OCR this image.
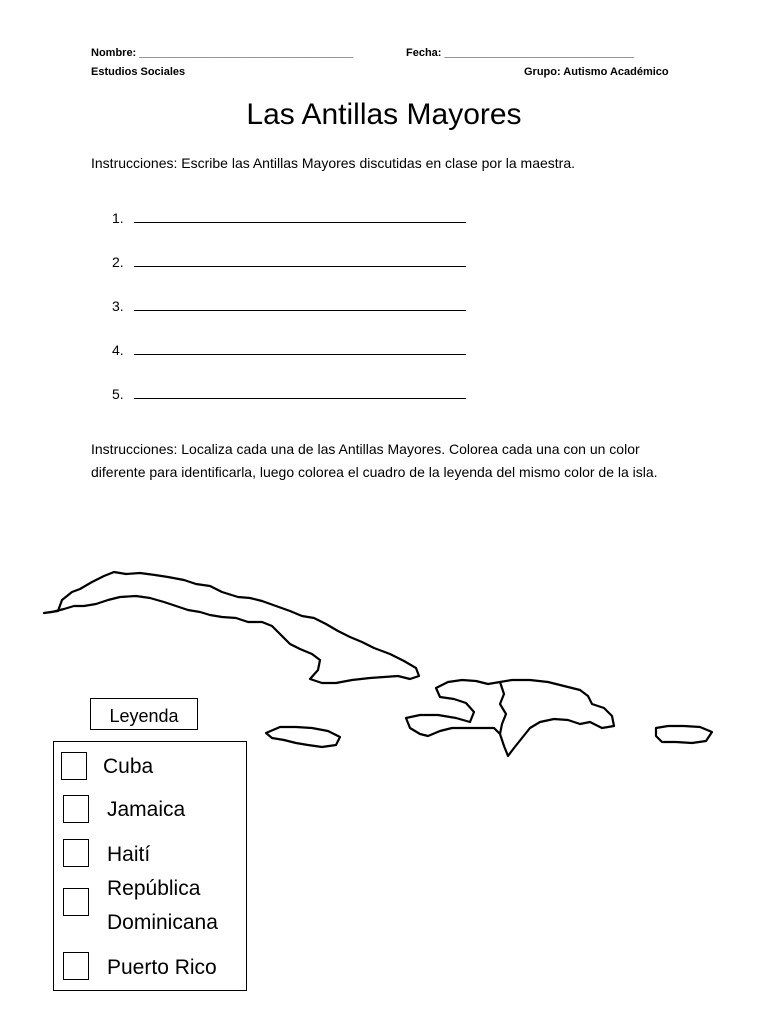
Nombre: ___________________________________	Fecha: _______________________________
Estudios Sociales	Grupo: Autismo Académico
Las Antillas Mayores
Instrucciones: Escribe las Antillas Mayores discutidas en clase por la maestra.
1.
2.
3.
4.
5.
Instrucciones: Localiza cada una de las Antillas Mayores. Colorea cada una con un color diferente para identificarla, luego colorea el cuadro de la leyenda del mismo color de la isla.
Leyenda
Cuba
Jamaica
Haití
República
Dominicana
Puerto Rico
